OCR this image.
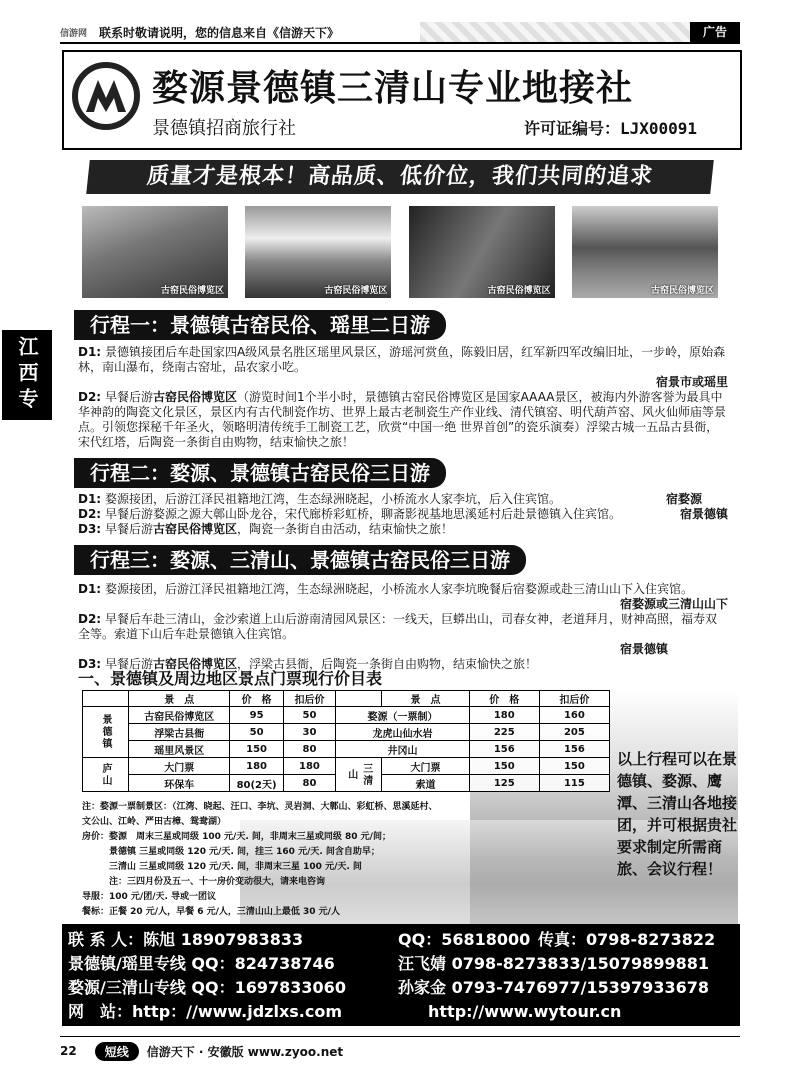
信游网 联系时敬请说明，您的信息来自《信游天下》	广告
婺源景德镇三清山专业地接社
景德镇招商旅行社	许可证编号：LJX00091
质量才是根本！高品质、低价位，我们共同的追求
古窑民俗博览区	古窑民俗博览区	古窑民俗博览区	古窑民俗博览区
江西专
行程一：景德镇古窑民俗、瑶里二日游

D1: 景德镇接团后车赴国家四A级风景名胜区瑶里风景区，游瑶河赏鱼，陈毅旧居，红军新四军改编旧址，一步岭，原始森林，南山瀑布，绕南古窑址，品农家小吃。

宿景市或瑶里

D2: 早餐后游古窑民俗博览区（游览时间1个半小时，景德镇古窑民俗博览区是国家AAAA景区，被海内外游客誉为最具中华神韵的陶瓷文化景区，景区内有古代制瓷作坊、世界上最古老制瓷生产作业线、清代镇窑、明代葫芦窑、风火仙师庙等景点。引领您探秘千年圣火，领略明清传统手工制瓷工艺，欣赏“中国一绝 世界首创”的瓷乐演奏）浮梁古城一五品古县衙，宋代红塔，后陶瓷一条街自由购物，结束愉快之旅！

行程二：婺源、景德镇古窑民俗三日游

D1: 婺源接团，后游江泽民祖籍地江湾，生态绿洲晓起，小桥流水人家李坑，后入住宾馆。	宿婺源

D2: 早餐后游婺源之源大鄣山卧龙谷，宋代廊桥彩虹桥，聊斋影视基地思溪延村后赴景德镇入住宾馆。	宿景德镇

D3: 早餐后游古窑民俗博览区，陶瓷一条街自由活动，结束愉快之旅！

行程三：婺源、三清山、景德镇古窑民俗三日游

D1: 婺源接团，后游江泽民祖籍地江湾，生态绿洲晓起，小桥流水人家李坑晚餐后宿婺源或赴三清山山下入住宾馆。

宿婺源或三清山山下

D2: 早餐后车赴三清山，金沙索道上山后游南清园风景区：一线天，巨蟒出山，司春女神，老道拜月，财神高照，福寿双全等。索道下山后车赴景德镇入住宾馆。

宿景德镇

D3: 早餐后游古窑民俗博览区，浮梁古县衙，后陶瓷一条街自由购物，结束愉快之旅！

一、景德镇及周边地区景点门票现行价目表
	景　点	价　格	扣后价		景　点	价　格	扣后价
景德镇	古窑民俗博览区	95	50	婺源（一票制）		180	160
	浮梁古县衙	50	30	龙虎山仙水岩		225	205
	瑶里风景区	150	80	井冈山		156	156
庐山	大门票	180	180	三清山	大门票	150	150
	环保车	80(2天)	80		索道	125	115

注：婺源一票制景区：（江湾、晓起、汪口、李坑、灵岩洞、大鄣山、彩虹桥、思溪延村、

文公山、江岭、严田古樟、鸳鸯湖）

房价：婺源　周末三星或同级 100 元/天. 间，非周末三星或同级 80 元/间；

　　　景德镇 三星或同级 120 元/天. 间，挂三 160 元/天. 间含自助早；

　　　三清山 三星或同级 120 元/天. 间，非周末三星 100 元/天. 间

　　　注：三四月份及五一、十一房价变动很大，请来电咨询

导服：100 元/团/天. 导或一团议

餐标：正餐 20 元/人，早餐 6 元/人，三清山山上最低 30 元/人

以上行程可以在景德镇、婺源、鹰潭、三清山各地接团，并可根据贵社要求制定所需商旅、会议行程！
联 系 人：陈旭 18907983833	QQ：56818000 传真：0798-8273822
景德镇/瑶里专线 QQ：824738746	汪飞婧 0798-8273833/15079899881
婺源/三清山专线 QQ：1697833060	孙家金 0793-7476977/15397933678
网　站：http：//www.jdzlxs.com	http://www.wytour.cn
22	短线	信游天下 · 安徽版 www.zyoo.net
